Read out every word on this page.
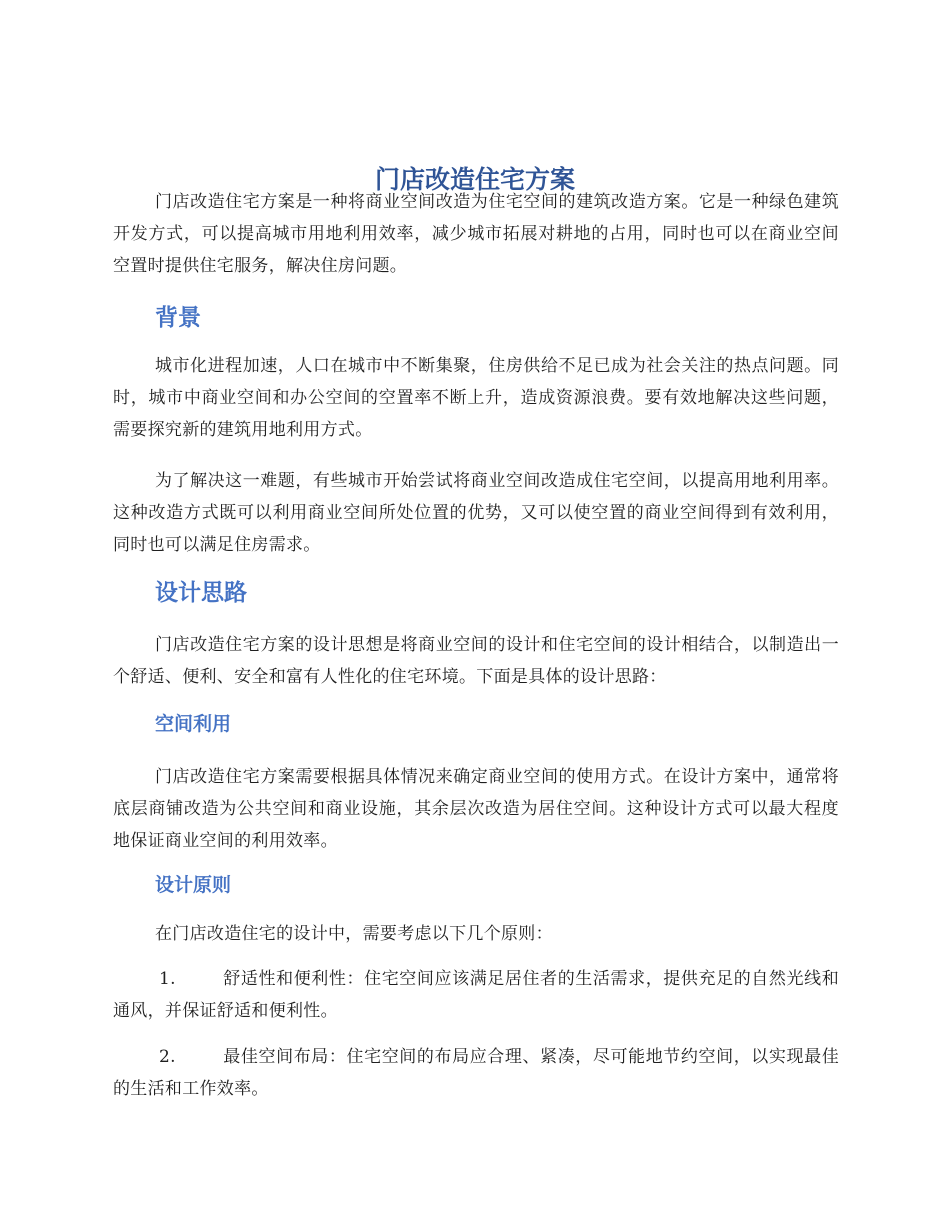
门店改造住宅方案

门店改造住宅方案是一种将商业空间改造为住宅空间的建筑改造方案。它是一种绿色建筑开发方式，可以提高城市用地利用效率，减少城市拓展对耕地的占用，同时也可以在商业空间空置时提供住宅服务，解决住房问题。

背景

城市化进程加速，人口在城市中不断集聚，住房供给不足已成为社会关注的热点问题。同时，城市中商业空间和办公空间的空置率不断上升，造成资源浪费。要有效地解决这些问题，需要探究新的建筑用地利用方式。

为了解决这一难题，有些城市开始尝试将商业空间改造成住宅空间，以提高用地利用率。这种改造方式既可以利用商业空间所处位置的优势，又可以使空置的商业空间得到有效利用，同时也可以满足住房需求。

设计思路

门店改造住宅方案的设计思想是将商业空间的设计和住宅空间的设计相结合，以制造出一个舒适、便利、安全和富有人性化的住宅环境。下面是具体的设计思路：

空间利用

门店改造住宅方案需要根据具体情况来确定商业空间的使用方式。在设计方案中，通常将底层商铺改造为公共空间和商业设施，其余层次改造为居住空间。这种设计方式可以最大程度地保证商业空间的利用效率。

设计原则

在门店改造住宅的设计中，需要考虑以下几个原则：

1.	舒适性和便利性：住宅空间应该满足居住者的生活需求，提供充足的自然光线和通风，并保证舒适和便利性。

2.	最佳空间布局：住宅空间的布局应合理、紧凑，尽可能地节约空间，以实现最佳的生活和工作效率。
